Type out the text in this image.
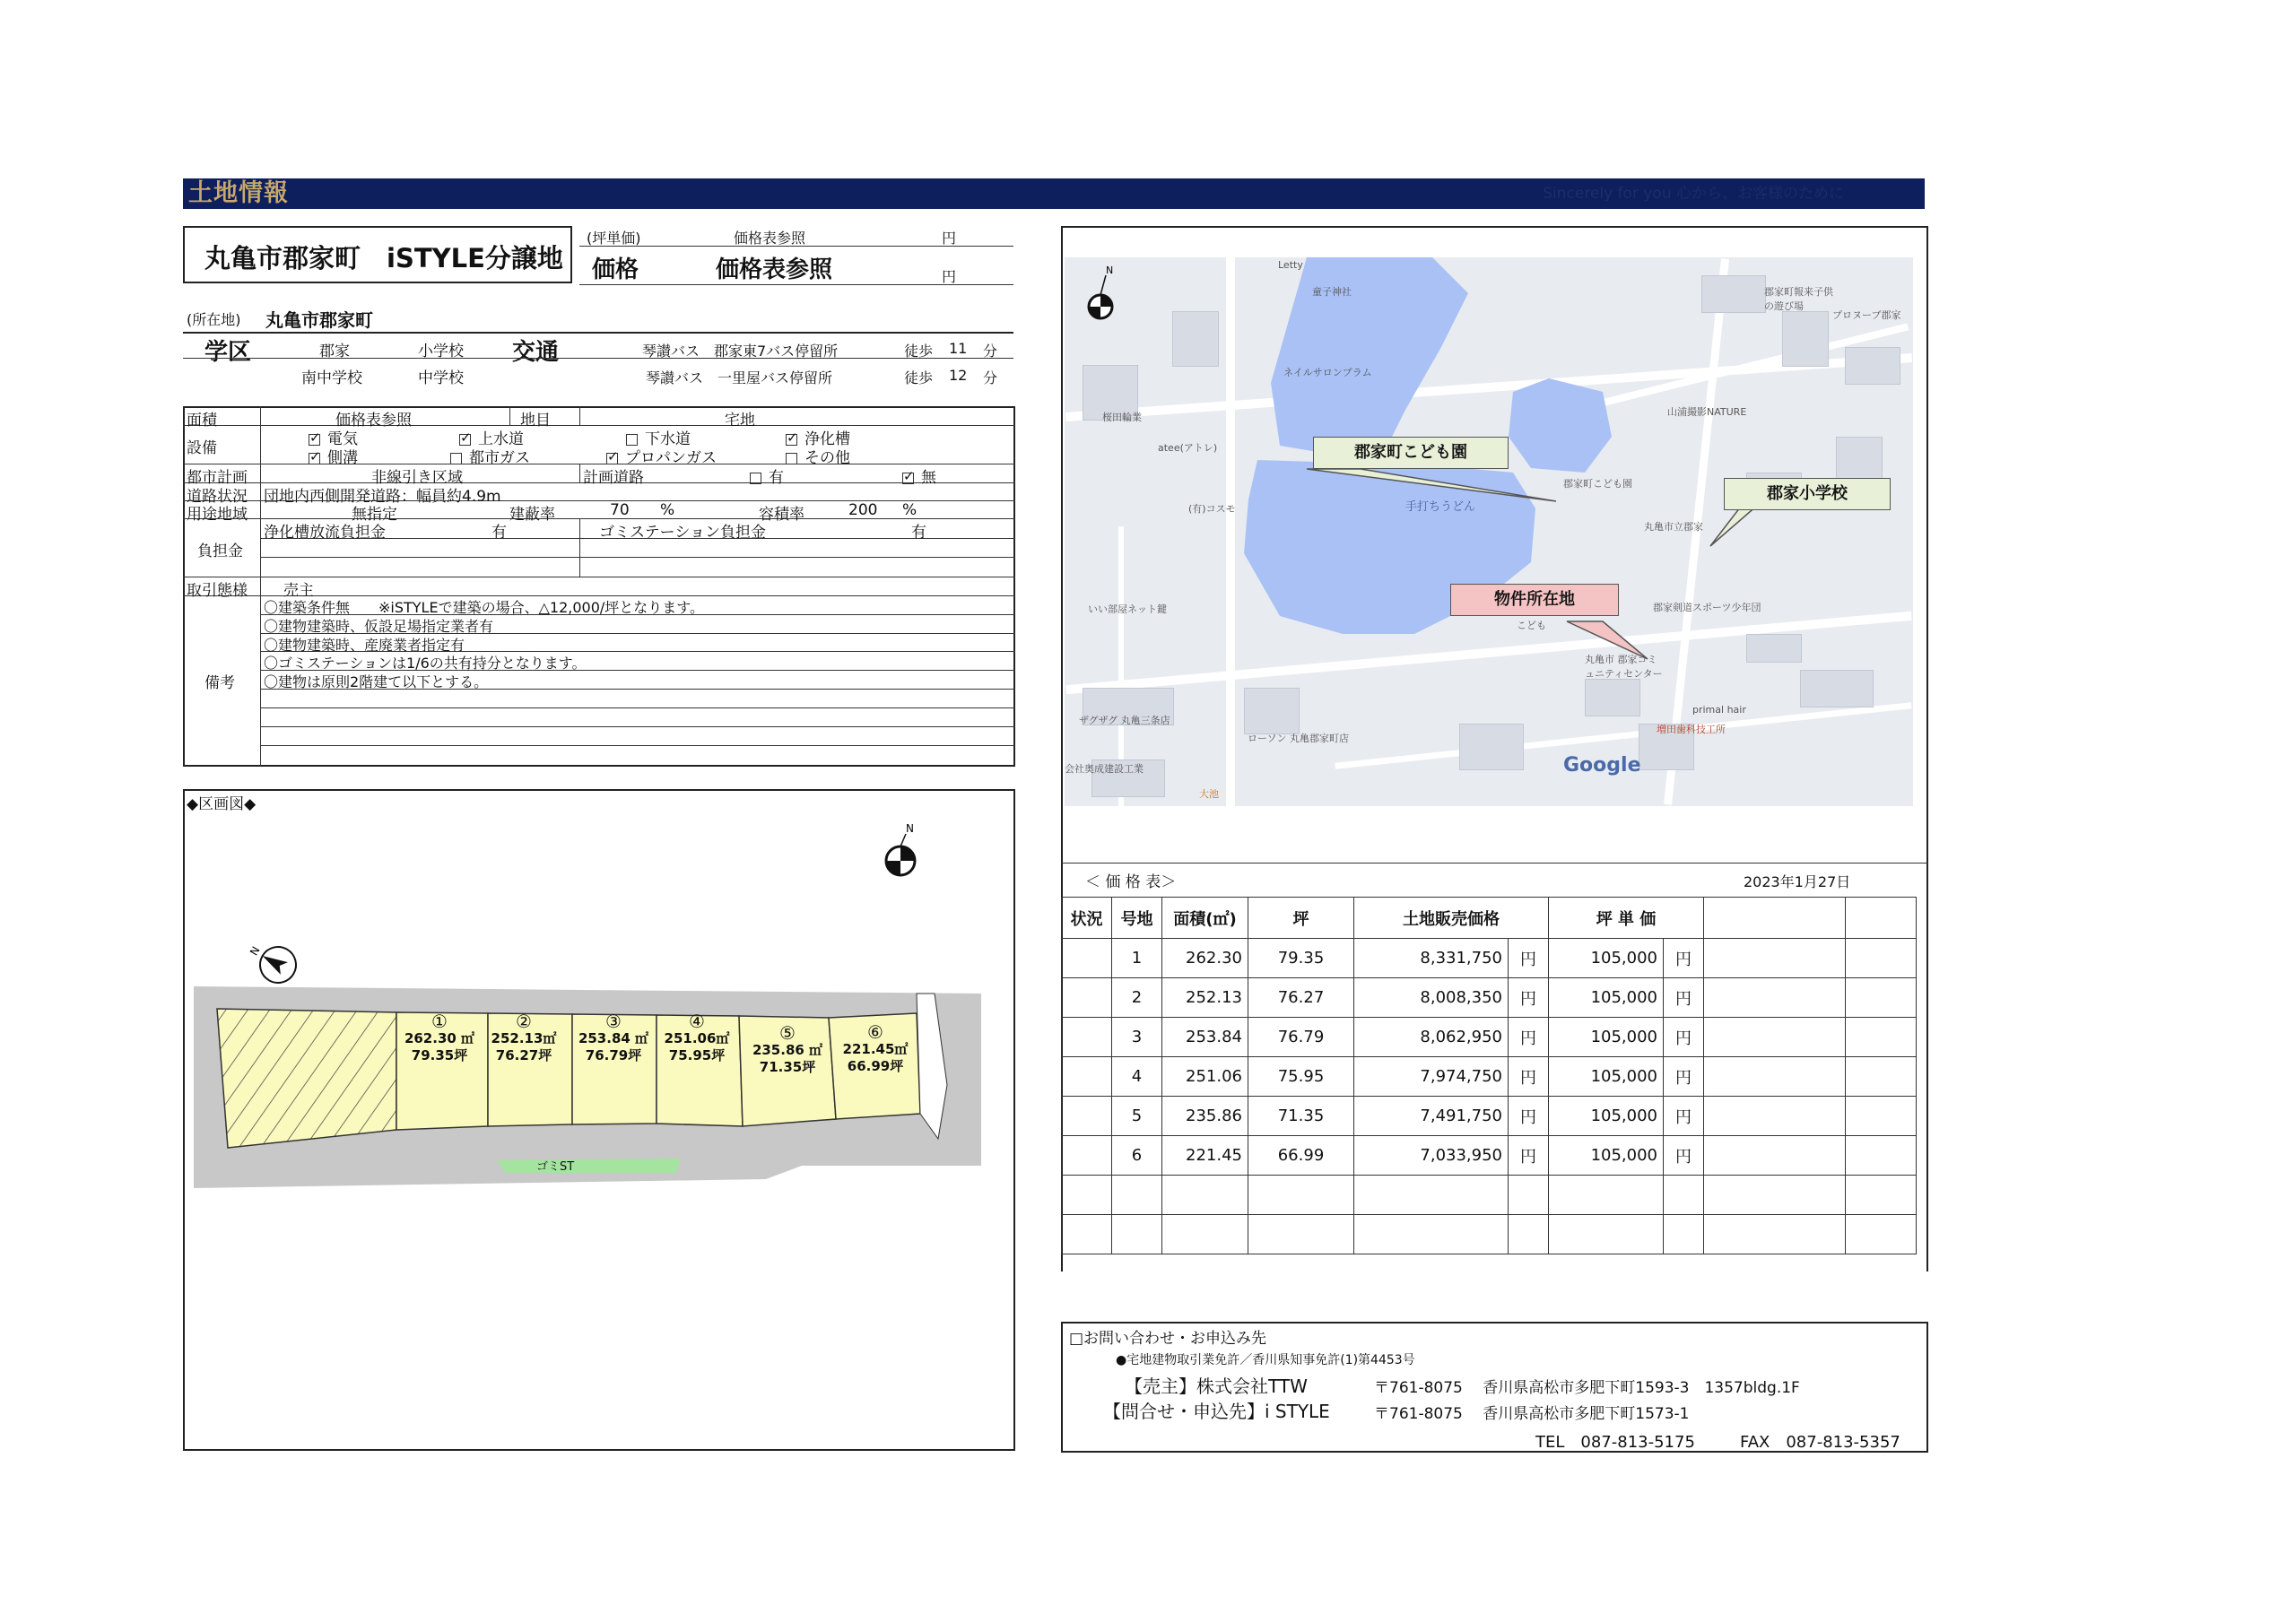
土地情報	Sincerely for you 心から、お客様のために
丸亀市郡家町　iSTYLE分譲地
(坪単価)	価格表参照	円
価格	価格表参照	円
(所在地) 丸亀市郡家町
学区	郡家	小学校
南中学校	中学校
交通	琴讃バス　郡家東7バス停留所	徒歩 11 分
琴讃バス　一里屋バス停留所	徒歩 12 分
面積	価格表参照	地目	宅地
設備 ✓	電気 ✓	上水道	下水道 ✓	浄化槽
✓側溝	都市ガス ✓	プロパンガス	その他
都市計画	非線引き区域	計画道路	有 ✓	無
道路状況 団地内西側開発道路：幅員約4.9m
用途地域	無指定	建蔽率	70 %	容積率	200 %
負担金
浄化槽放流負担金	有	ゴミステーション負担金	有
取引態様 売主
備考
〇建築条件無　　※iSTYLEで建築の場合、△12,000/坪となります。
〇建物建築時、仮設足場指定業者有
〇建物建築時、産廃業者指定有
〇ゴミステーションは1/6の共有持分となります。
〇建物は原則2階建て以下とする。
◆区画図◆
N
N
①
262.30 ㎡
79.35坪
②
252.13㎡
76.27坪
③
253.84 ㎡
76.79坪
④
251.06㎡
75.95坪
⑤
235.86 ㎡
71.35坪
⑥
221.45㎡
66.99坪
ゴミST
手打ちうどん
Letty
童子神社	郡家町報来子供の遊び場
プロヌーブ郡家
ネイルサロンプラム
桜田輪業	山浦撮影NATURE
atee(アトレ)
(有)コスモ
郡家町こども園
丸亀市立郡家
いい部屋ネット鍵	郡家剣道スポーツ少年団
こども
丸亀市 郡家コミュニティセンター
primal hair
ザグザグ 丸亀三条店
ローソン 丸亀郡家町店
増田歯科技工所
会社奥成建設工業
大池
Google
N
郡家町こども園
郡家小学校
物件所在地
＜ 価 格 表＞	2023年1月27日
状況	号地	面積(㎡)	坪	土地販売価格		坪 単 価			
	1	262.30	79.35	8,331,750	円	105,000	円		
	2	252.13	76.27	8,008,350	円	105,000	円		
	3	253.84	76.79	8,062,950	円	105,000	円		
	4	251.06	75.95	7,974,750	円	105,000	円		
	5	235.86	71.35	7,491,750	円	105,000	円		
	6	221.45	66.99	7,033,950	円	105,000	円		

□お問い合わせ・お申込み先
●宅地建物取引業免許／香川県知事免許(1)第4453号
【売主】株式会社TTW	〒761-8075　 香川県高松市多肥下町1593-3　1357bldg.1F
【問合せ・申込先】i STYLE	〒761-8075　 香川県高松市多肥下町1573-1
TEL　087-813-5175	FAX　087-813-5357
